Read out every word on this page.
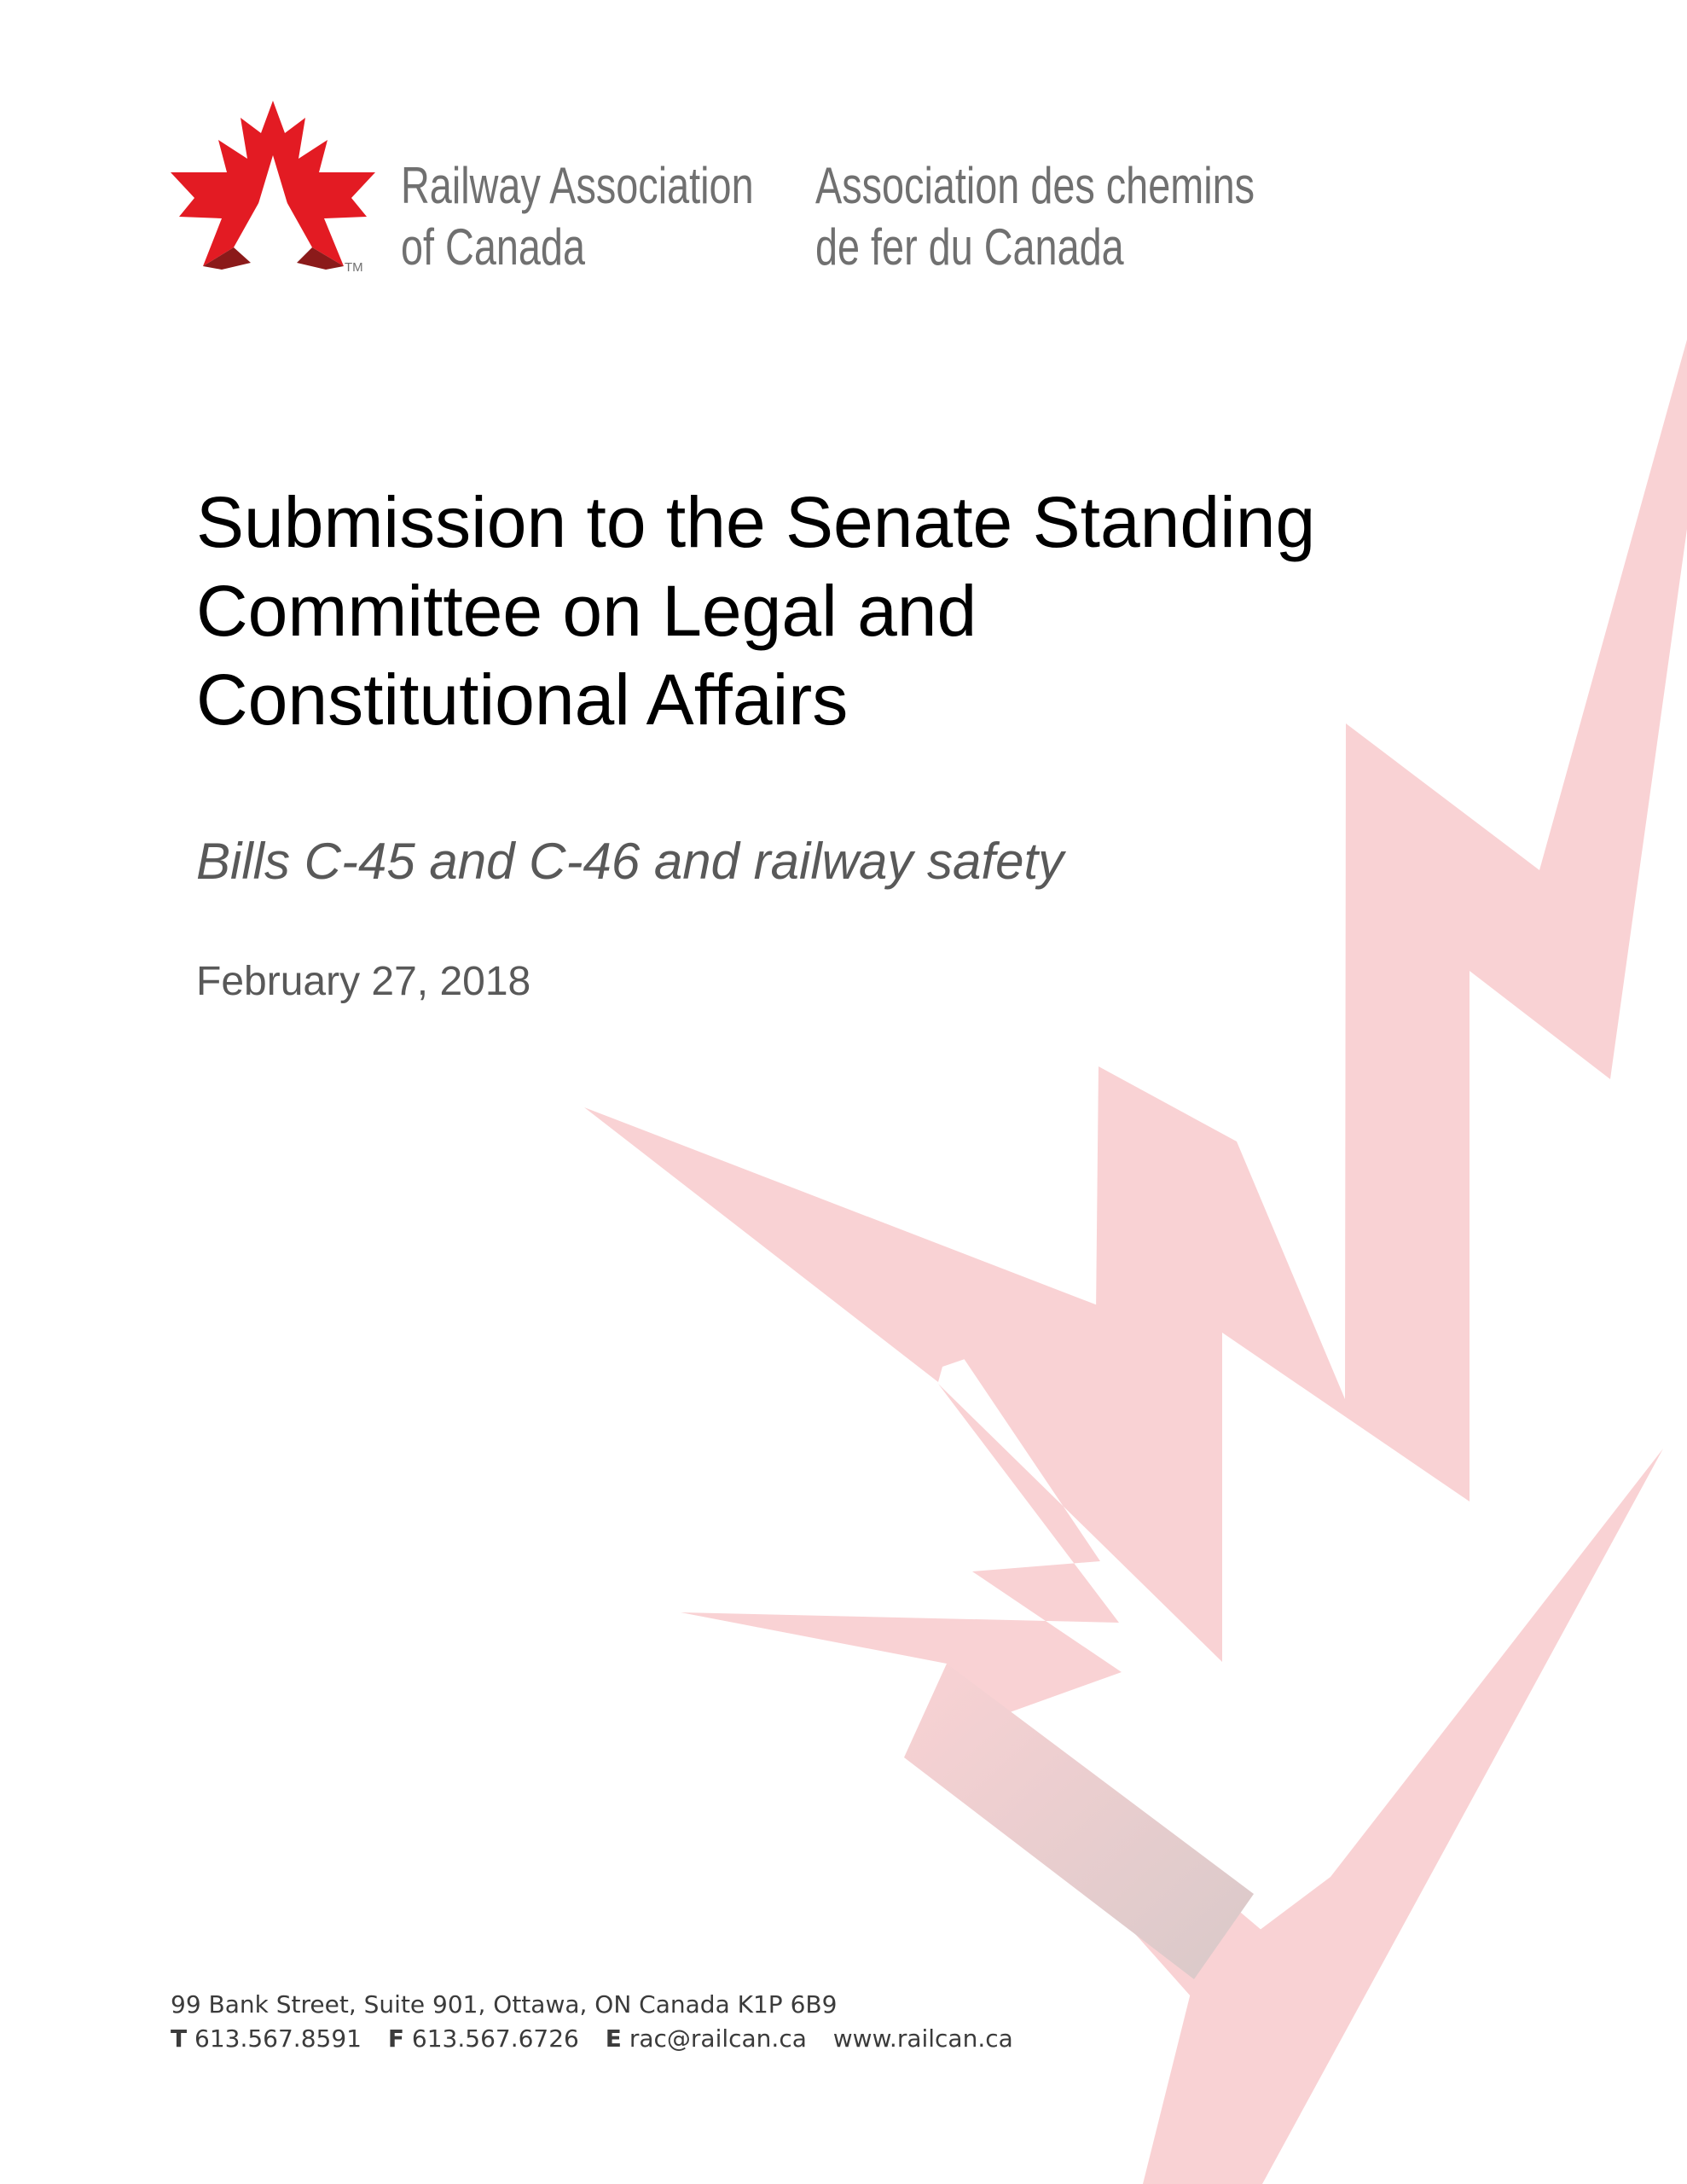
TM
Railway Association
of Canada
Association des chemins
de fer du Canada
Submission to the Senate Standing
Committee on Legal and
Constitutional Affairs
Bills C-45 and C-46 and railway safety
February 27, 2018
99 Bank Street, Suite 901, Ottawa, ON Canada K1P 6B9
T 613.567.8591 F 613.567.6726 E rac@railcan.ca www.railcan.ca
